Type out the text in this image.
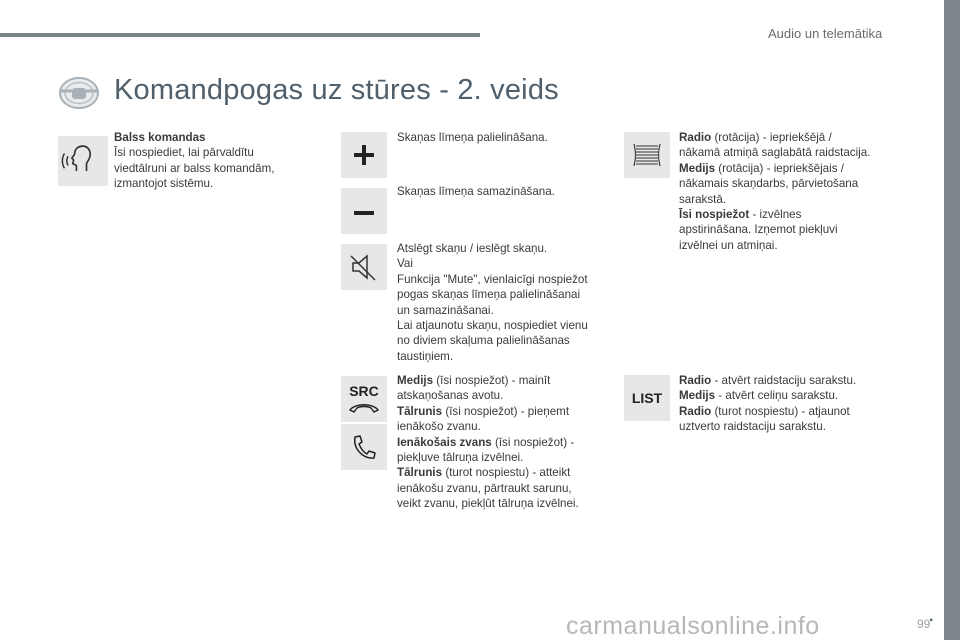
Audio un telemātika
Komandpogas uz stūres - 2. veids
Balss komandas
Īsi nospiediet, lai pārvaldītu
viedtālruni ar balss komandām,
izmantojot sistēmu.
Skaņas līmeņa palielināšana.
Skaņas līmeņa samazināšana.
Atslēgt skaņu / ieslēgt skaņu.
Vai
Funkcija "Mute", vienlaicīgi nospiežot
pogas skaņas līmeņa palielināšanai
un samazināšanai.
Lai atjaunotu skaņu, nospiediet vienu
no diviem skaļuma palielināšanas
taustiņiem.
SRC
Medijs (īsi nospiežot) - mainīt
atskaņošanas avotu.
Tālrunis (īsi nospiežot) - pieņemt
ienākošo zvanu.
Ienākošais zvans (īsi nospiežot) -
piekļuve tālruņa izvēlnei.
Tālrunis (turot nospiestu) - atteikt
ienākošu zvanu, pārtraukt sarunu,
veikt zvanu, piekļūt tālruņa izvēlnei.
Radio (rotācija) - iepriekšējā /
nākamā atmiņā saglabātā raidstacija.
Medijs (rotācija) - iepriekšējais /
nākamais skaņdarbs, pārvietošana
sarakstā.
Īsi nospiežot - izvēlnes
apstirināšana. Izņemot piekļuvi
izvēlnei un atmiņai.
LIST
Radio - atvērt raidstaciju sarakstu.
Medijs - atvērt celiņu sarakstu.
Radio (turot nospiestu) - atjaunot
uztverto raidstaciju sarakstu.
.
carmanualsonline.info	99
